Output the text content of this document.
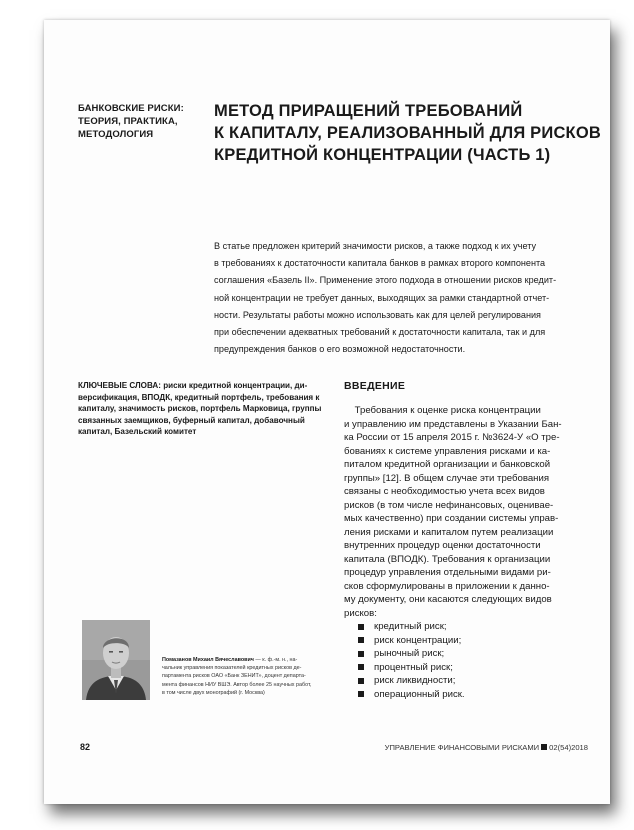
БАНКОВСКИЕ РИСКИ:
ТЕОРИЯ, ПРАКТИКА,
МЕТОДОЛОГИЯ
МЕТОД ПРИРАЩЕНИЙ ТРЕБОВАНИЙ
К КАПИТАЛУ, РЕАЛИЗОВАННЫЙ ДЛЯ РИСКОВ
КРЕДИТНОЙ КОНЦЕНТРАЦИИ (ЧАСТЬ 1)
В статье предложен критерий значимости рисков, а также подход к их учету
в требованиях к достаточности капитала банков в рамках второго компонента
соглашения «Базель II». Применение этого подхода в отношении рисков кредит-
ной концентрации не требует данных, выходящих за рамки стандартной отчет-
ности. Результаты работы можно использовать как для целей регулирования
при обеспечении адекватных требований к достаточности капитала, так и для
предупреждения банков о его возможной недостаточности.
КЛЮЧЕВЫЕ СЛОВА: риски кредитной концентрации, ди-
версификация, ВПОДК, кредитный портфель, требования к
капиталу, значимость рисков, портфель Марковица, группы
связанных заемщиков, буферный капитал, добавочный
капитал, Базельский комитет
ВВЕДЕНИЕ
Требования к оценке риска концентрации
и управлению им представлены в Указании Бан-
ка России от 15 апреля 2015 г. №3624-У «О тре-
бованиях к системе управления рисками и ка-
питалом кредитной организации и банковской
группы» [12]. В общем случае эти требования
связаны с необходимостью учета всех видов
рисков (в том числе нефинансовых, оценивае-
мых качественно) при создании системы управ-
ления рисками и капиталом путем реализации
внутренних процедур оценки достаточности
капитала (ВПОДК). Требования к организации
процедур управления отдельными видами ри-
сков сформулированы в приложении к данно-
му документу, они касаются следующих видов
рисков:
кредитный риск;
риск концентрации;
рыночный риск;
процентный риск;
риск ликвидности;
операционный риск.
Помазанов Михаил Вячеславович — к. ф.-м. н., на-
чальник управления показателей кредитных рисков де-
партамента рисков ОАО «Банк ЗЕНИТ», доцент департа-
мента финансов НИУ ВШЭ. Автор более 25 научных работ,
в том числе двух монографий (г. Москва)
82	УПРАВЛЕНИЕ ФИНАНСОВЫМИ РИСКАМИ 02(54)2018
